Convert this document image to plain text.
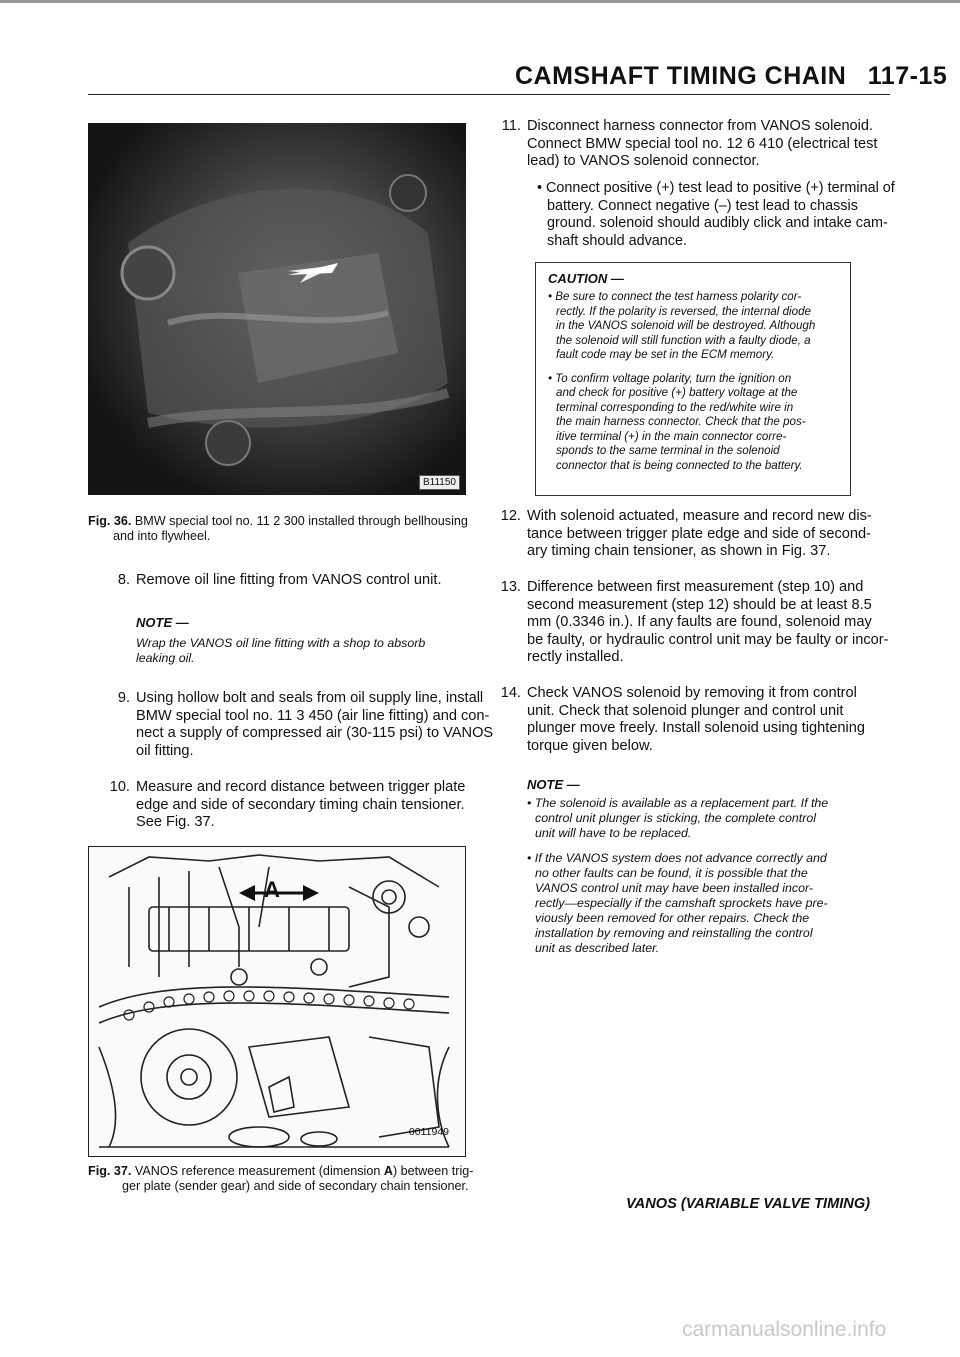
CAMSHAFT TIMING CHAIN 117-15
B11150
Fig. 36. BMW special tool no. 11 2 300 installed through bellhousing
and into flywheel.
8. Remove oil line fitting from VANOS control unit.
NOTE —
Wrap the VANOS oil line fitting with a shop to absorb
leaking oil.
9. Using hollow bolt and seals from oil supply line, install
BMW special tool no. 11 3 450 (air line fitting) and con-
nect a supply of compressed air (30-115 psi) to VANOS
oil fitting.
10. Measure and record distance between trigger plate
edge and side of secondary timing chain tensioner.
See Fig. 37.
A
0011949
Fig. 37. VANOS reference measurement (dimension A) between trig-
ger plate (sender gear) and side of secondary chain tensioner.
11. Disconnect harness connector from VANOS solenoid.
Connect BMW special tool no. 12 6 410 (electrical test
lead) to VANOS solenoid connector.
• Connect positive (+) test lead to positive (+) terminal of
battery. Connect negative (–) test lead to chassis
ground. solenoid should audibly click and intake cam-
shaft should advance.
CAUTION —
• Be sure to connect the test harness polarity cor-
rectly. If the polarity is reversed, the internal diode
in the VANOS solenoid will be destroyed. Although
the solenoid will still function with a faulty diode, a
fault code may be set in the ECM memory.
• To confirm voltage polarity, turn the ignition on
and check for positive (+) battery voltage at the
terminal corresponding to the red/white wire in
the main harness connector. Check that the pos-
itive terminal (+) in the main connector corre-
sponds to the same terminal in the solenoid
connector that is being connected to the battery.
12. With solenoid actuated, measure and record new dis-
tance between trigger plate edge and side of second-
ary timing chain tensioner, as shown in Fig. 37.
13. Difference between first measurement (step 10) and
second measurement (step 12) should be at least 8.5
mm (0.3346 in.). If any faults are found, solenoid may
be faulty, or hydraulic control unit may be faulty or incor-
rectly installed.
14. Check VANOS solenoid by removing it from control
unit. Check that solenoid plunger and control unit
plunger move freely. Install solenoid using tightening
torque given below.
NOTE —
• The solenoid is available as a replacement part. If the
control unit plunger is sticking, the complete control
unit will have to be replaced.
• If the VANOS system does not advance correctly and
no other faults can be found, it is possible that the
VANOS control unit may have been installed incor-
rectly—especially if the camshaft sprockets have pre-
viously been removed for other repairs. Check the
installation by removing and reinstalling the control
unit as described later.
VANOS (VARIABLE VALVE TIMING)
carmanualsonline.info
